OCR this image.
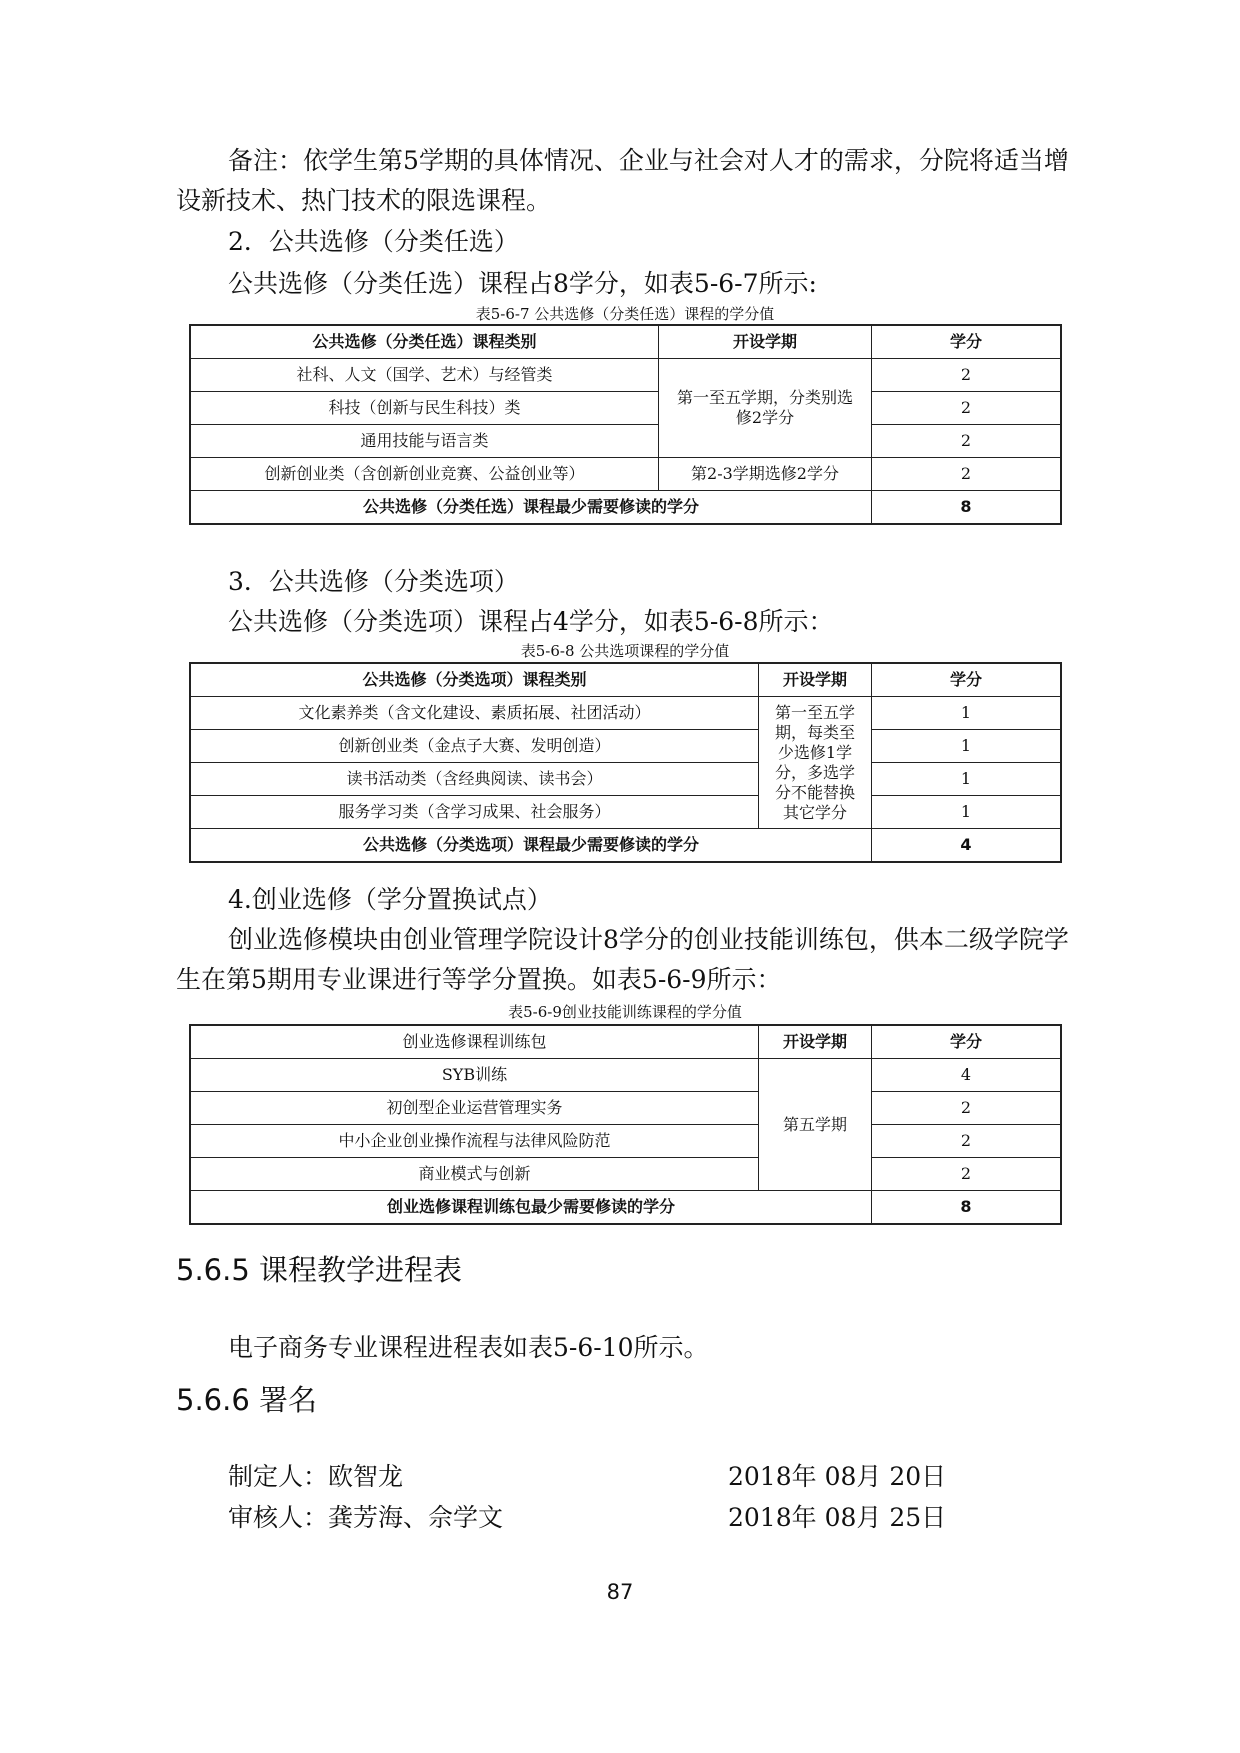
备注：依学生第5学期的具体情况、企业与社会对人才的需求，分院将适当增
设新技术、热门技术的限选课程。
2．公共选修（分类任选）
公共选修（分类任选）课程占8学分，如表5-6-7所示:
表5-6-7 公共选修（分类任选）课程的学分值
公共选修（分类任选）课程类别	开设学期	学分
社科、人文（国学、艺术）与经管类	第一至五学期，分类别选修2学分	2
科技（创新与民生科技）类		2
通用技能与语言类		2
创新创业类（含创新创业竞赛、公益创业等）	第2-3学期选修2学分	2
公共选修（分类任选）课程最少需要修读的学分		8
3．公共选修（分类选项）
公共选修（分类选项）课程占4学分，如表5-6-8所示：
表5-6-8 公共选项课程的学分值
公共选修（分类选项）课程类别	开设学期	学分
文化素养类（含文化建设、素质拓展、社团活动）	第一至五学期，每类至少选修1学分，多选学分不能替换其它学分	1
创新创业类（金点子大赛、发明创造）		1
读书活动类（含经典阅读、读书会）		1
服务学习类（含学习成果、社会服务）		1
公共选修（分类选项）课程最少需要修读的学分		4
4.创业选修（学分置换试点）
创业选修模块由创业管理学院设计8学分的创业技能训练包，供本二级学院学
生在第5期用专业课进行等学分置换。如表5-6-9所示：
表5-6-9创业技能训练课程的学分值
创业选修课程训练包	开设学期	学分
SYB训练	第五学期	4
初创型企业运营管理实务		2
中小企业创业操作流程与法律风险防范		2
商业模式与创新		2
创业选修课程训练包最少需要修读的学分		8
5.6.5 课程教学进程表
电子商务专业课程进程表如表5-6-10所示。
5.6.6 署名
制定人：欧智龙	2018年 08月 20日
审核人：龚芳海、佘学文	2018年 08月 25日
87
